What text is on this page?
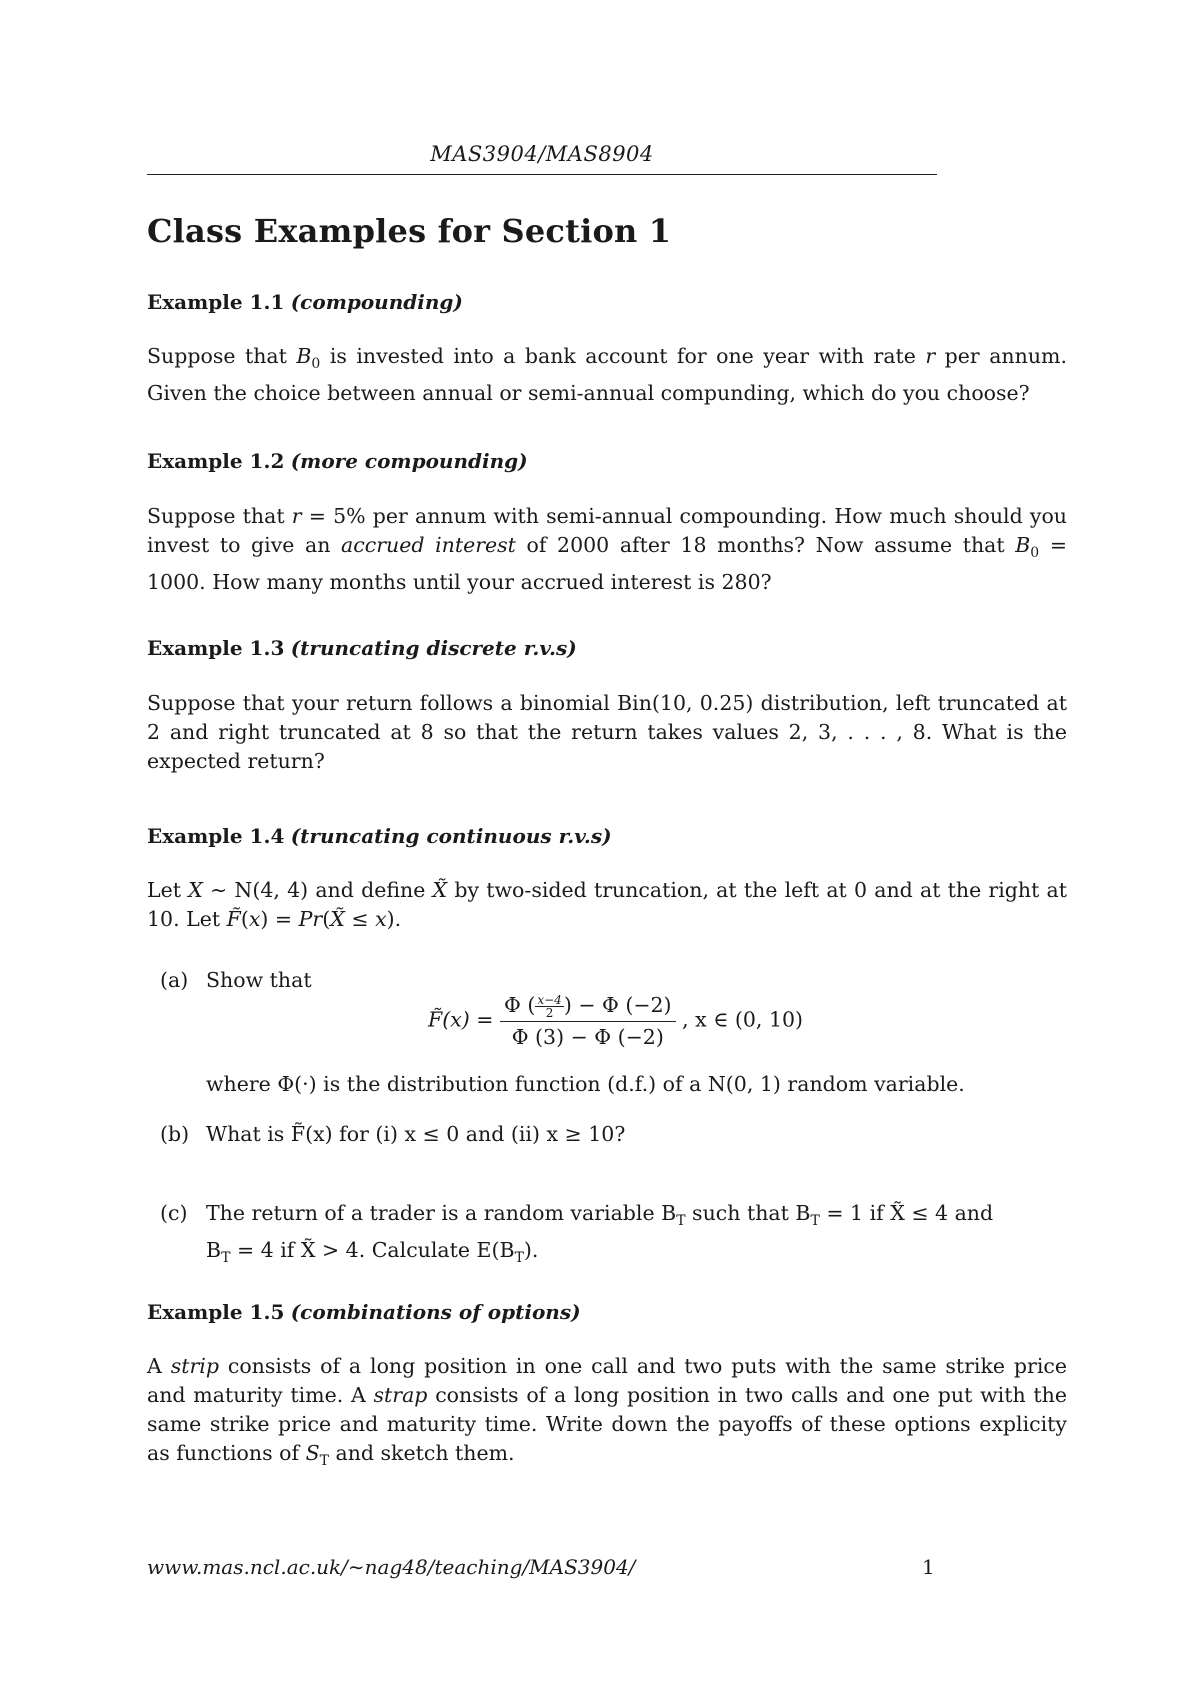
MAS3904/MAS8904
Class Examples for Section 1
Example 1.1 (compounding)
Suppose that $B_0$ is invested into a bank account for one year with rate r per annum. Given the choice between annual or semi-annual compunding, which do you choose?
Example 1.2 (more compounding)
Suppose that r = 5% per annum with semi-annual compounding. How much should you invest to give an accrued interest of 2000 after 18 months? Now assume that $B_0 = 1000$. How many months until your accrued interest is 280?
Example 1.3 (truncating discrete r.v.s)
Suppose that your return follows a binomial Bin(10, 0.25) distribution, left truncated at 2 and right truncated at 8 so that the return takes values 2, 3, . . . , 8. What is the expected return?
Example 1.4 (truncating continuous r.v.s)
Let X ∼ N(4, 4) and define X̃ by two-sided truncation, at the left at 0 and at the right at 10. Let F̃(x) = Pr(X̃ ≤ x).
(a) Show that
F̃(x) = $\frac{\Phi ( \frac{x-4}{2} ) - \Phi (-2)}{\Phi (3) - \Phi (-2)}$ , x ∈ (0, 10)
where Φ(·) is the distribution function (d.f.) of a N(0, 1) random variable.
(b) What is F̃(x) for (i) x ≤ 0 and (ii) x ≥ 10?
(c) The return of a trader is a random variable $B_T$ such that $B_T = 1$ if X̃ ≤ 4 and
$B_T = 4$ if X̃ > 4. Calculate $E(B_T)$.
Example 1.5 (combinations of options)
A strip consists of a long position in one call and two puts with the same strike price and maturity time. A strap consists of a long position in two calls and one put with the same strike price and maturity time. Write down the payoffs of these options explicity as functions of $S_T$ and sketch them.
www.mas.ncl.ac.uk/∼nag48/teaching/MAS3904/	1
